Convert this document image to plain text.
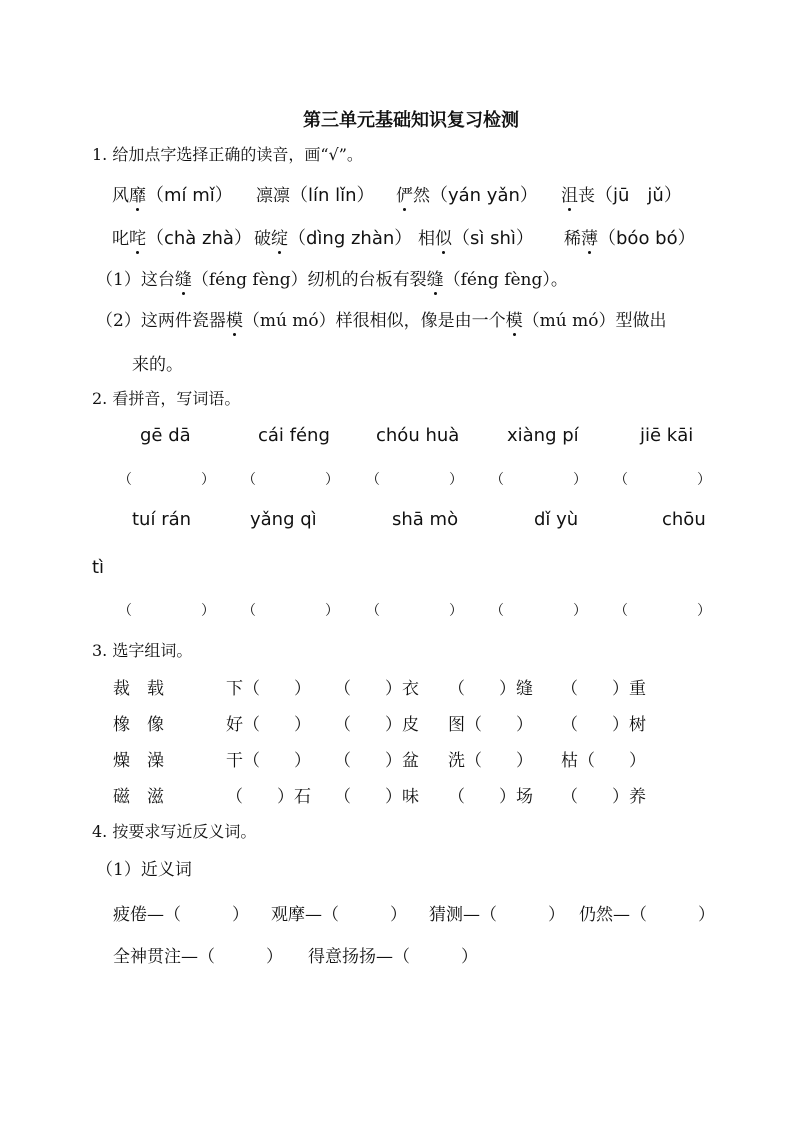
第三单元基础知识复习检测
1. 给加点字选择正确的读音，画“√”。
风靡（mí mǐ） 凛凛（lín lǐn） 俨然（yán yǎn） 沮丧（jū　jǔ）
叱咤（chà zhà） 破绽（dìng zhàn） 相似（sì shì） 稀薄（bóo bó）
（1）这台缝（féng fèng）纫机的台板有裂缝（féng fèng）。
（2）这两件瓷器模（mú mó）样很相似，像是由一个模（mú mó）型做出
来的。
2. 看拼音，写词语。
gē dā	cái féng	chóu huà	xiàng pí	jiē kāi
（	） （	） （	） （	） （	）
tuí rán	yǎng qì	shā mò	dǐ yù	chōu
tì
（	） （	） （	） （	） （	）
3. 选字组词。
裁　载	下（　　） （　　）衣 （　　）缝 （　　）重
橡　像	好（　　） （　　）皮 图（　　） （　　）树
燥　澡	干（　　） （　　）盆 洗（　　） 枯（　　）
磁　滋	（　　）石 （　　）味 （　　）场 （　　）养
4. 按要求写近反义词。
（1）近义词
疲倦—（　　　） 观摩—（　　　） 猜测—（　　　） 仍然—（　　　）
全神贯注—（　　　） 得意扬扬—（　　　）
